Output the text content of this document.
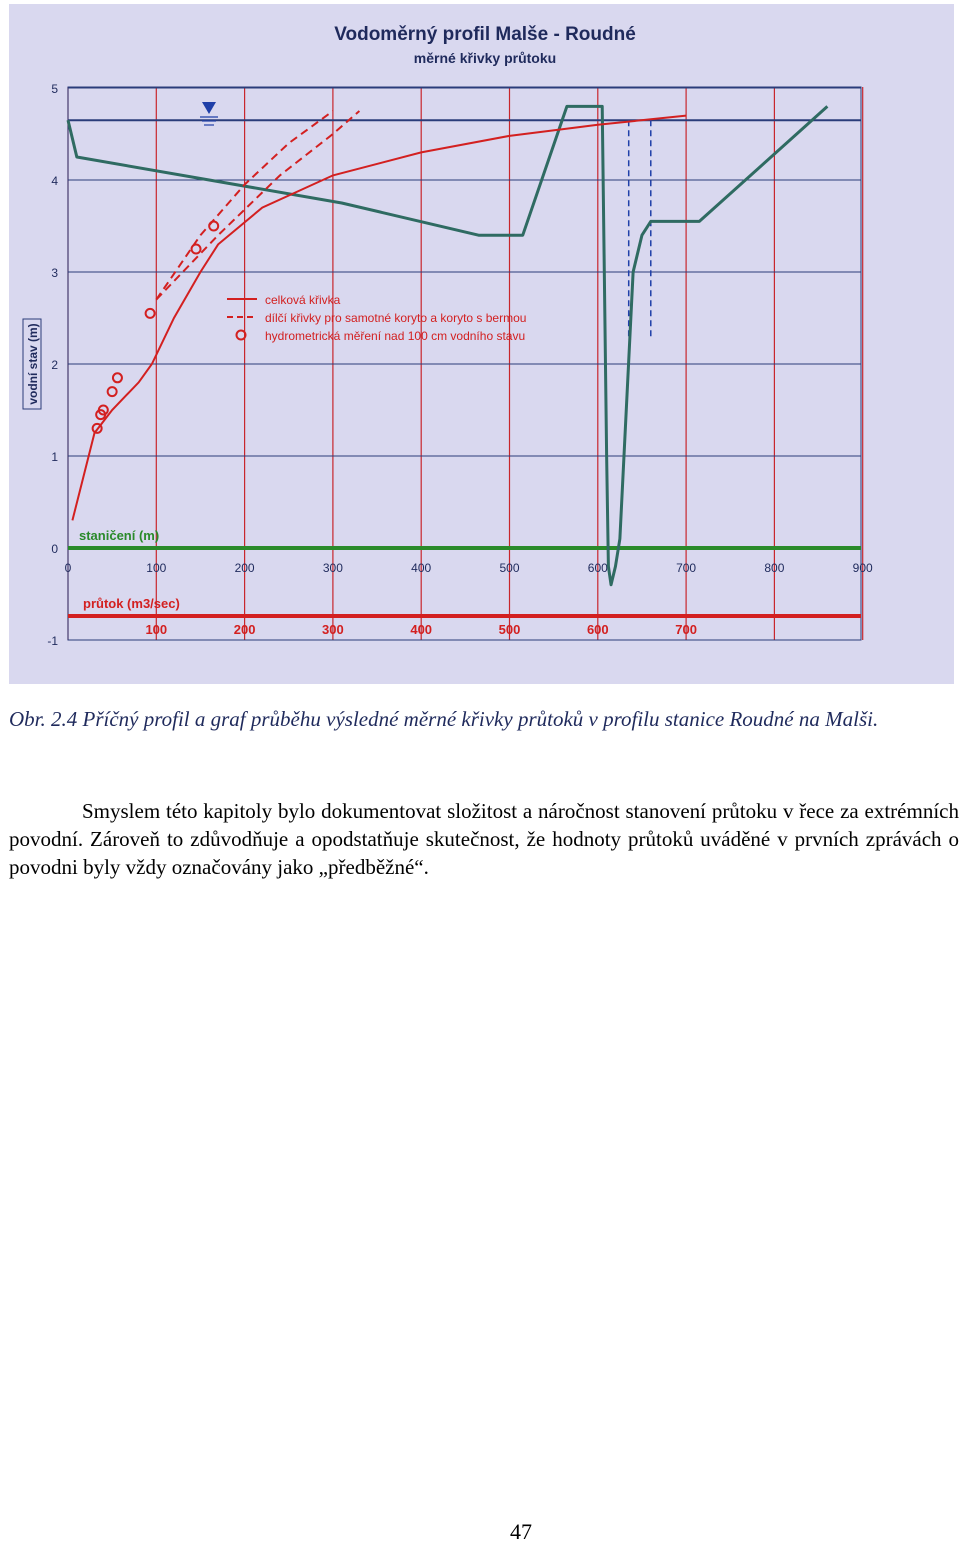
5
4
3
2
1
0
-1
0	100	200	300	400	500	600	700	800	900
staničení (m)
100	200	300	400	500	600	700
průtok (m3/sec)
celková křivka
dílčí křivky pro samotné koryto a koryto s bermou
hydrometrická měření nad 100 cm vodního stavu
Vodoměrný profil Malše - Roudné
měrné křivky průtoku
vodní stav (m)
Obr. 2.4 Příčný profil a graf průběhu výsledné měrné křivky průtoků v profilu stanice Roudné na Malši.
Smyslem této kapitoly bylo dokumentovat složitost a náročnost stanovení průtoku v řece za extrémních povodní. Zároveň to zdůvodňuje a opodstatňuje skutečnost, že hodnoty průtoků uváděné v prvních zprávách o povodni byly vždy označovány jako „předběžné“.
47
